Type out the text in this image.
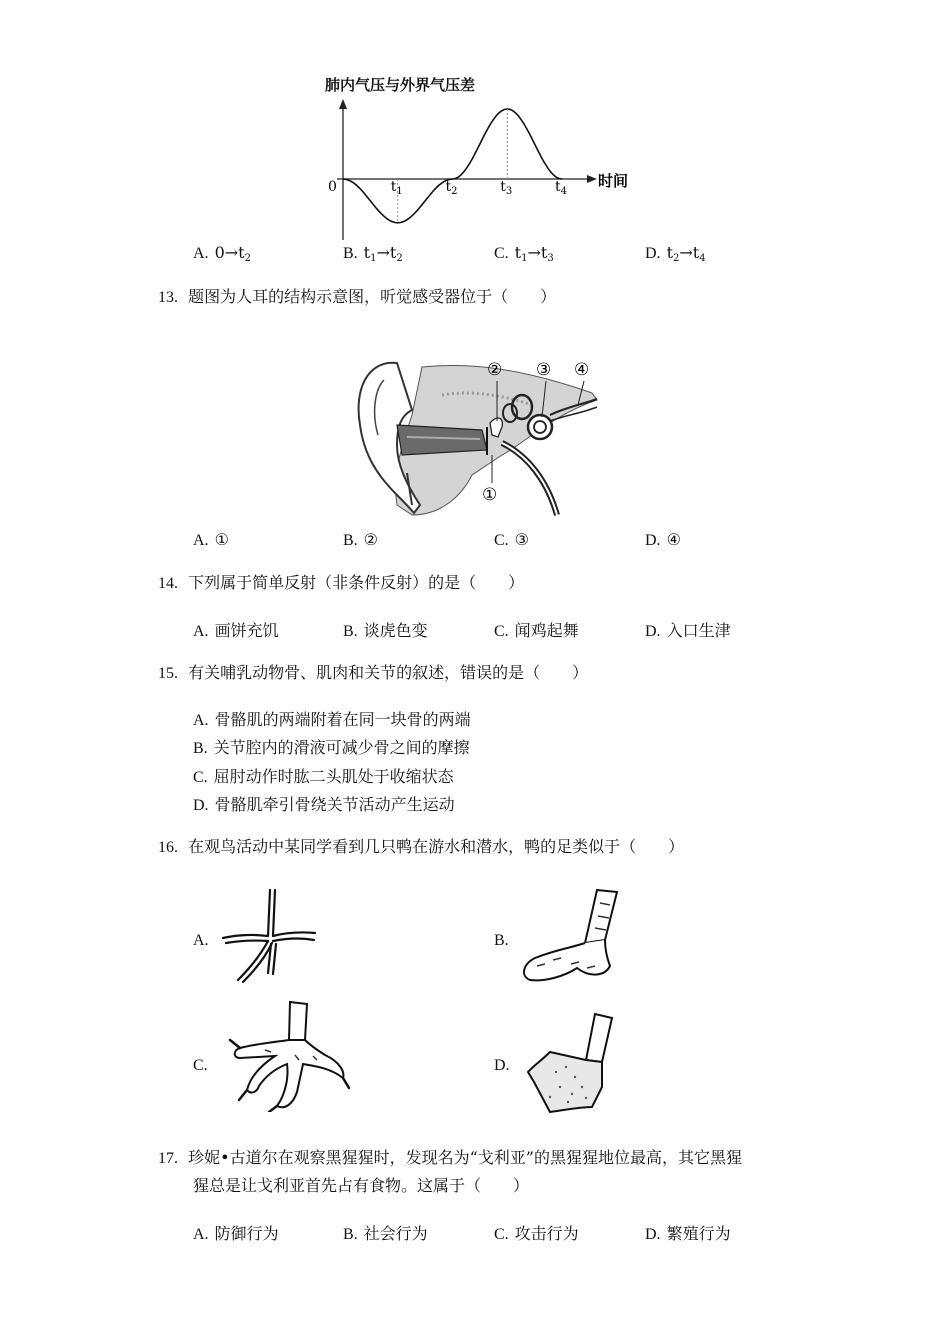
肺内气压与外界气压差
0	$t_1$	$t_2$	$t_3$	$t_4$
时间
A. $0\to t_2$	B. $t_1\to t_2$	C. $t_1\to t_3$	D. $t_2\to t_4$
13. 题图为人耳的结构示意图，听觉感受器位于（　　）
② ③ ④
①
A. ①	B. ②	C. ③	D. ④
14. 下列属于简单反射（非条件反射）的是（　　）
A. 画饼充饥	B. 谈虎色变	C. 闻鸡起舞	D. 入口生津
15. 有关哺乳动物骨、肌肉和关节的叙述，错误的是（　　）
A. 骨骼肌的两端附着在同一块骨的两端
B. 关节腔内的滑液可减少骨之间的摩擦
C. 屈肘动作时肱二头肌处于收缩状态
D. 骨骼肌牵引骨绕关节活动产生运动
16. 在观鸟活动中某同学看到几只鸭在游水和潜水，鸭的足类似于（　　）
A.	B.
C.	D.
17. 珍妮•古道尔在观察黑猩猩时，发现名为“戈利亚”的黑猩猩地位最高，其它黑猩
猩总是让戈利亚首先占有食物。这属于（　　）
A. 防御行为	B. 社会行为	C. 攻击行为	D. 繁殖行为
